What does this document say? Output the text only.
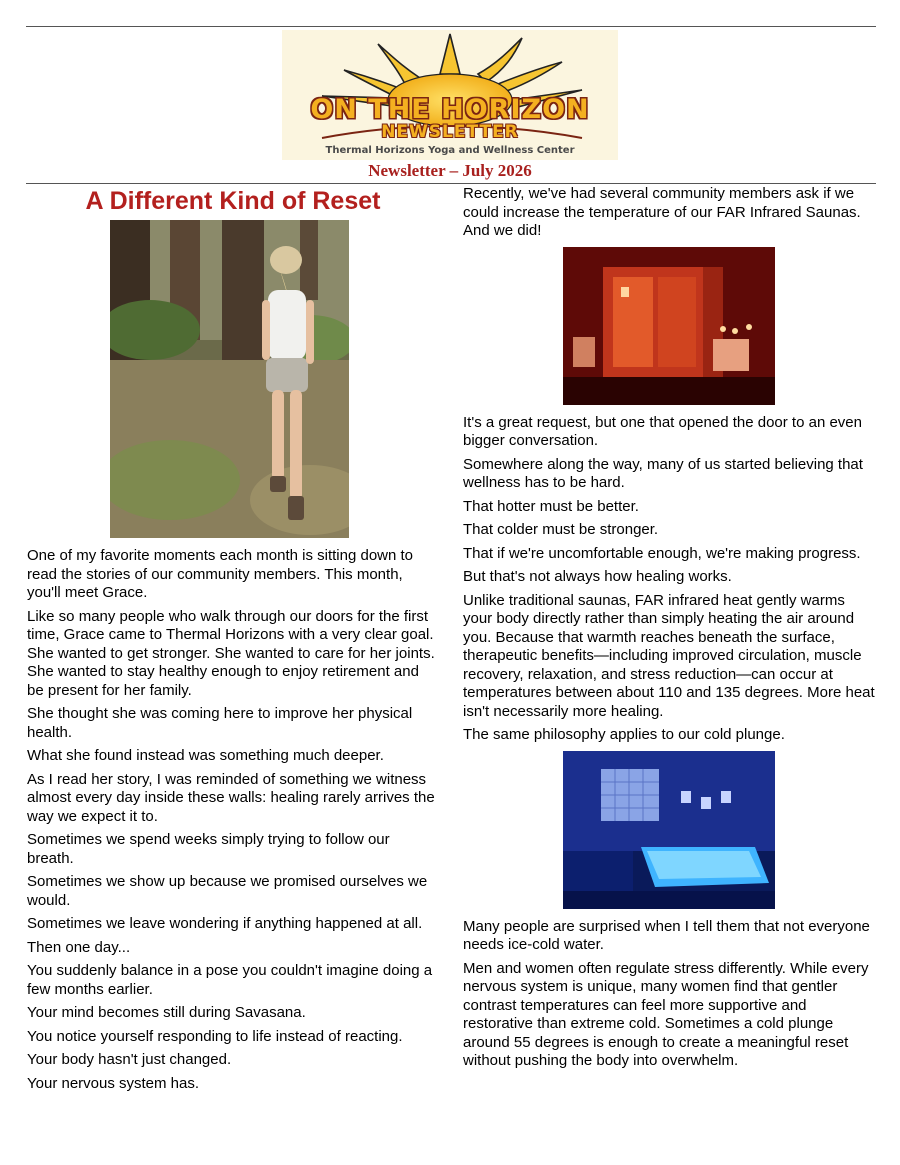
ON THE HORIZON
NEWSLETTER
Thermal Horizons Yoga and Wellness Center
Newsletter – July 2026

A Different Kind of Reset

One of my favorite moments each month is sitting down to read the stories of our community members. This month, you'll meet Grace.

Like so many people who walk through our doors for the first time, Grace came to Thermal Horizons with a very clear goal. She wanted to get stronger. She wanted to care for her joints. She wanted to stay healthy enough to enjoy retirement and be present for her family.

She thought she was coming here to improve her physical health.

What she found instead was something much deeper.

As I read her story, I was reminded of something we witness almost every day inside these walls: healing rarely arrives the way we expect it to.

Sometimes we spend weeks simply trying to follow our breath.

Sometimes we show up because we promised ourselves we would.

Sometimes we leave wondering if anything happened at all.

Then one day...

You suddenly balance in a pose you couldn't imagine doing a few months earlier.

Your mind becomes still during Savasana.

You notice yourself responding to life instead of reacting.

Your body hasn't just changed.

Your nervous system has.

Recently, we've had several community members ask if we could increase the temperature of our FAR Infrared Saunas. And we did!

It's a great request, but one that opened the door to an even bigger conversation.

Somewhere along the way, many of us started believing that wellness has to be hard.

That hotter must be better.

That colder must be stronger.

That if we're uncomfortable enough, we're making progress.

But that's not always how healing works.

Unlike traditional saunas, FAR infrared heat gently warms your body directly rather than simply heating the air around you. Because that warmth reaches beneath the surface, therapeutic benefits—including improved circulation, muscle recovery, relaxation, and stress reduction—can occur at temperatures between about 110 and 135 degrees. More heat isn't necessarily more healing.

The same philosophy applies to our cold plunge.

Many people are surprised when I tell them that not everyone needs ice-cold water.

Men and women often regulate stress differently. While every nervous system is unique, many women find that gentler contrast temperatures can feel more supportive and restorative than extreme cold. Sometimes a cold plunge around 55 degrees is enough to create a meaningful reset without pushing the body into overwhelm.
